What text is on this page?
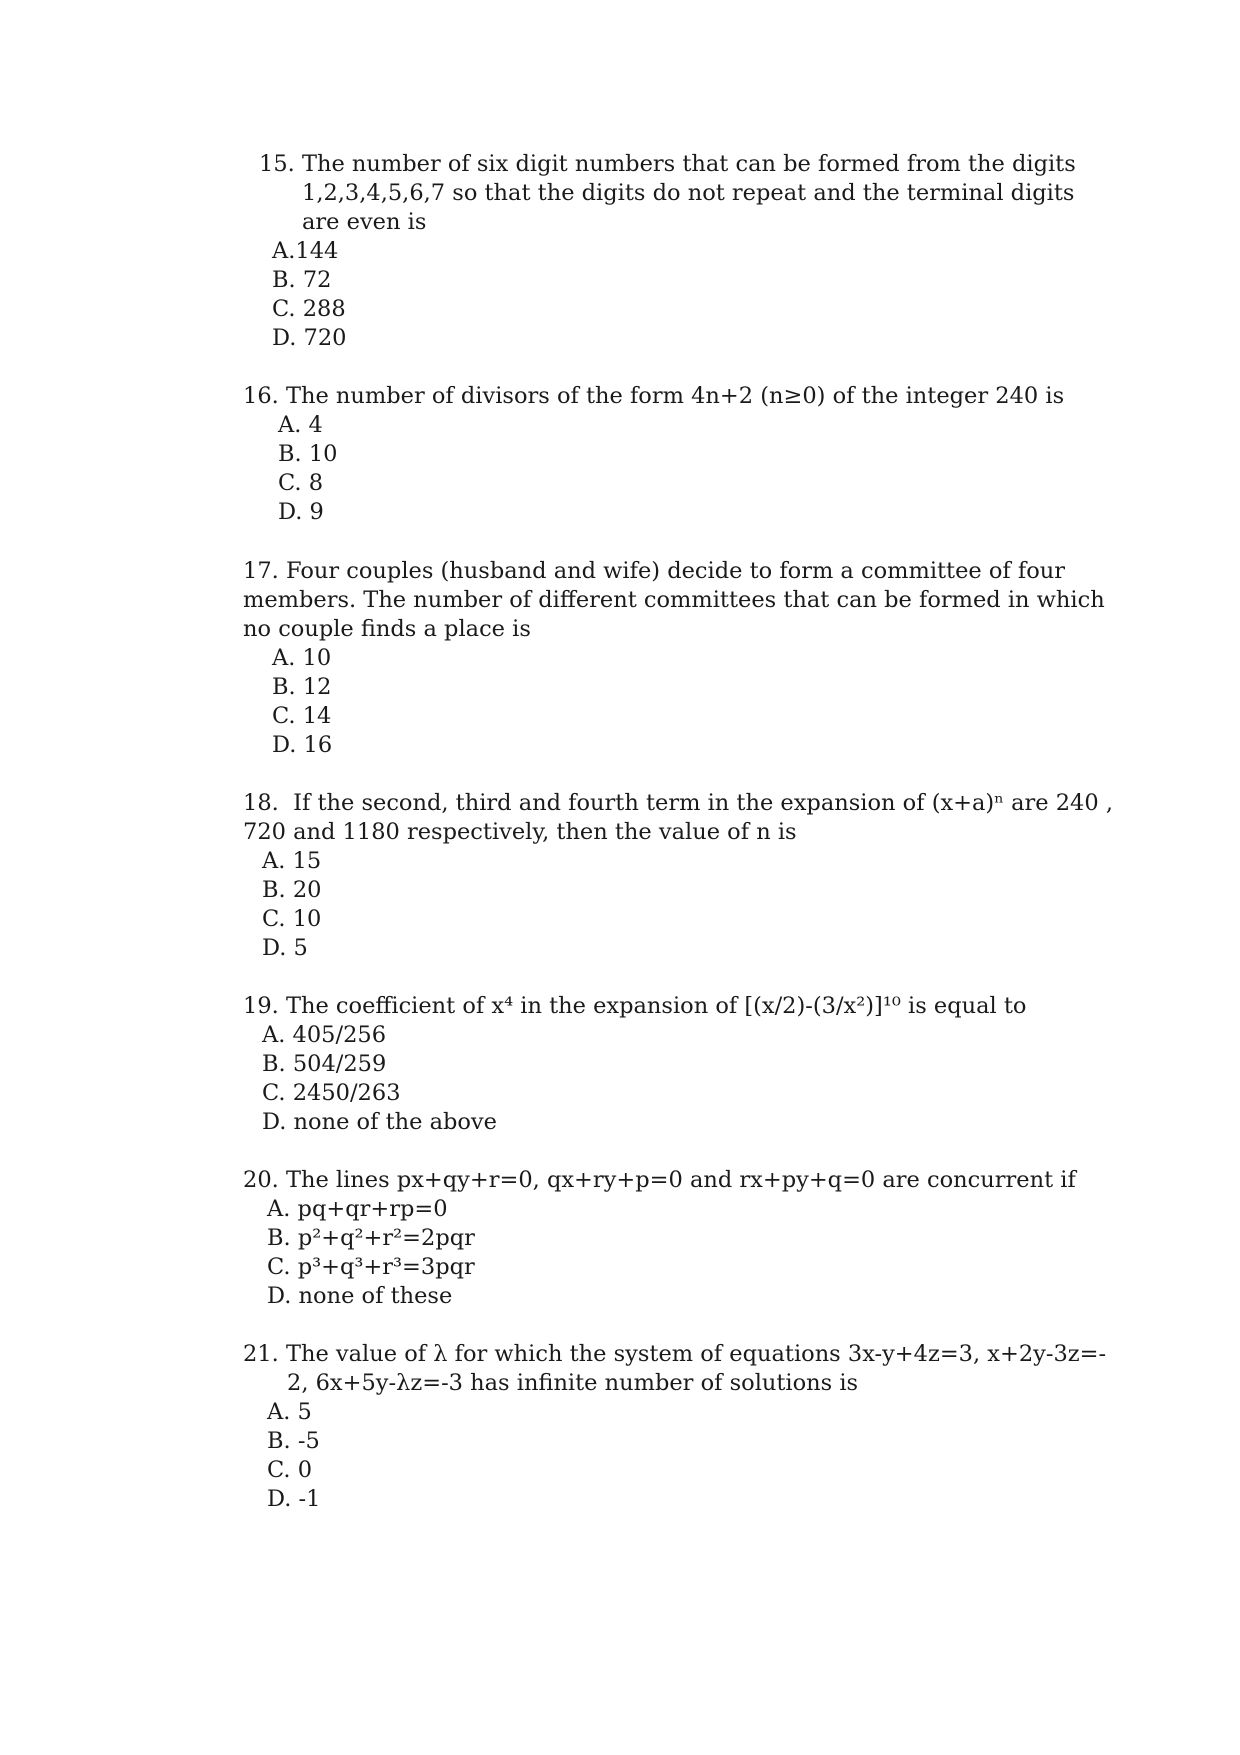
15. The number of six digit numbers that can be formed from the digits
1,2,3,4,5,6,7 so that the digits do not repeat and the terminal digits
are even is
A.144
B. 72
C. 288
D. 720
16. The number of divisors of the form 4n+2 (n≥0) of the integer 240 is
A. 4
B. 10
C. 8
D. 9
17. Four couples (husband and wife) decide to form a committee of four
members. The number of different committees that can be formed in which
no couple finds a place is
A. 10
B. 12
C. 14
D. 16
18.  If the second, third and fourth term in the expansion of (x+a)ⁿ are 240 ,
720 and 1180 respectively, then the value of n is
A. 15
B. 20
C. 10
D. 5
19. The coefficient of x⁴ in the expansion of [(x/2)-(3/x²)]¹⁰ is equal to
A. 405/256
B. 504/259
C. 2450/263
D. none of the above
20. The lines px+qy+r=0, qx+ry+p=0 and rx+py+q=0 are concurrent if
A. pq+qr+rp=0
B. p²+q²+r²=2pqr
C. p³+q³+r³=3pqr
D. none of these
21. The value of λ for which the system of equations 3x-y+4z=3, x+2y-3z=-
2, 6x+5y-λz=-3 has infinite number of solutions is
A. 5
B. -5
C. 0
D. -1
